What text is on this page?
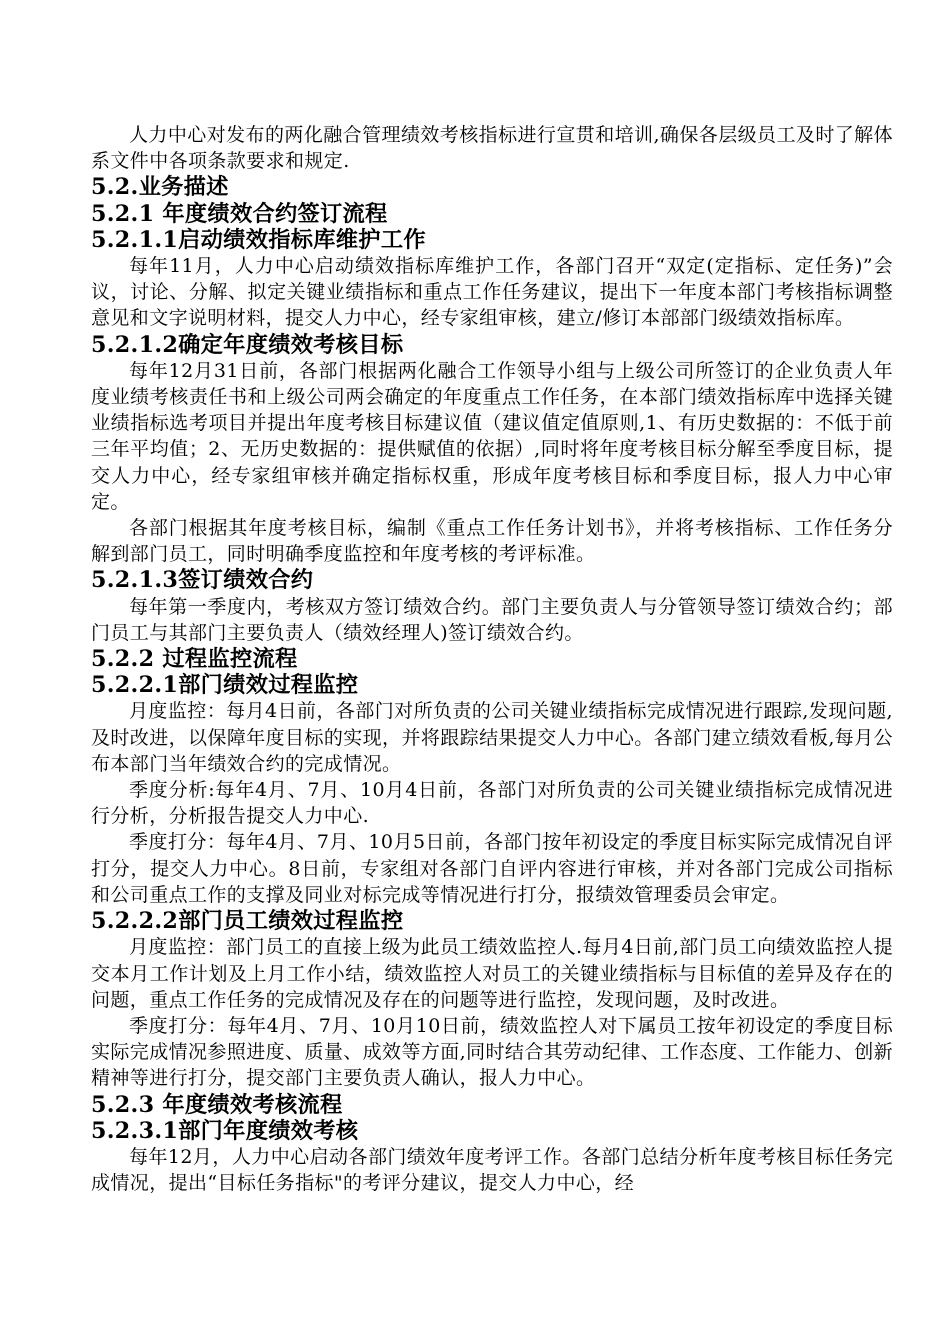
人力中心对发布的两化融合管理绩效考核指标进行宣贯和培训,确保各层级员工及时了解体系文件中各项条款要求和规定.

5.2.业务描述
5.2.1 年度绩效合约签订流程
5.2.1.1启动绩效指标库维护工作

每年11月，人力中心启动绩效指标库维护工作，各部门召开“双定(定指标、定任务)”会议，讨论、分解、拟定关键业绩指标和重点工作任务建议，提出下一年度本部门考核指标调整意见和文字说明材料，提交人力中心，经专家组审核，建立/修订本部部门级绩效指标库。

5.2.1.2确定年度绩效考核目标

每年12月31日前，各部门根据两化融合工作领导小组与上级公司所签订的企业负责人年度业绩考核责任书和上级公司两会确定的年度重点工作任务，在本部门绩效指标库中选择关键业绩指标选考项目并提出年度考核目标建议值（建议值定值原则,1、有历史数据的：不低于前三年平均值；2、无历史数据的：提供赋值的依据）,同时将年度考核目标分解至季度目标，提交人力中心，经专家组审核并确定指标权重，形成年度考核目标和季度目标，报人力中心审定。

各部门根据其年度考核目标，编制《重点工作任务计划书》，并将考核指标、工作任务分解到部门员工，同时明确季度监控和年度考核的考评标准。

5.2.1.3签订绩效合约

每年第一季度内，考核双方签订绩效合约。部门主要负责人与分管领导签订绩效合约；部门员工与其部门主要负责人（绩效经理人)签订绩效合约。

5.2.2 过程监控流程
5.2.2.1部门绩效过程监控

月度监控：每月4日前，各部门对所负责的公司关键业绩指标完成情况进行跟踪,发现问题,及时改进，以保障年度目标的实现，并将跟踪结果提交人力中心。各部门建立绩效看板,每月公布本部门当年绩效合约的完成情况。

季度分析:每年4月、7月、10月4日前，各部门对所负责的公司关键业绩指标完成情况进行分析，分析报告提交人力中心.

季度打分：每年4月、7月、10月5日前，各部门按年初设定的季度目标实际完成情况自评打分，提交人力中心。8日前，专家组对各部门自评内容进行审核，并对各部门完成公司指标和公司重点工作的支撑及同业对标完成等情况进行打分，报绩效管理委员会审定。

5.2.2.2部门员工绩效过程监控

月度监控：部门员工的直接上级为此员工绩效监控人.每月4日前,部门员工向绩效监控人提交本月工作计划及上月工作小结，绩效监控人对员工的关键业绩指标与目标值的差异及存在的问题，重点工作任务的完成情况及存在的问题等进行监控，发现问题，及时改进。

季度打分：每年4月、7月、10月10日前，绩效监控人对下属员工按年初设定的季度目标实际完成情况参照进度、质量、成效等方面,同时结合其劳动纪律、工作态度、工作能力、创新精神等进行打分，提交部门主要负责人确认，报人力中心。

5.2.3 年度绩效考核流程
5.2.3.1部门年度绩效考核

每年12月，人力中心启动各部门绩效年度考评工作。各部门总结分析年度考核目标任务完成情况，提出“目标任务指标"的考评分建议，提交人力中心，经
